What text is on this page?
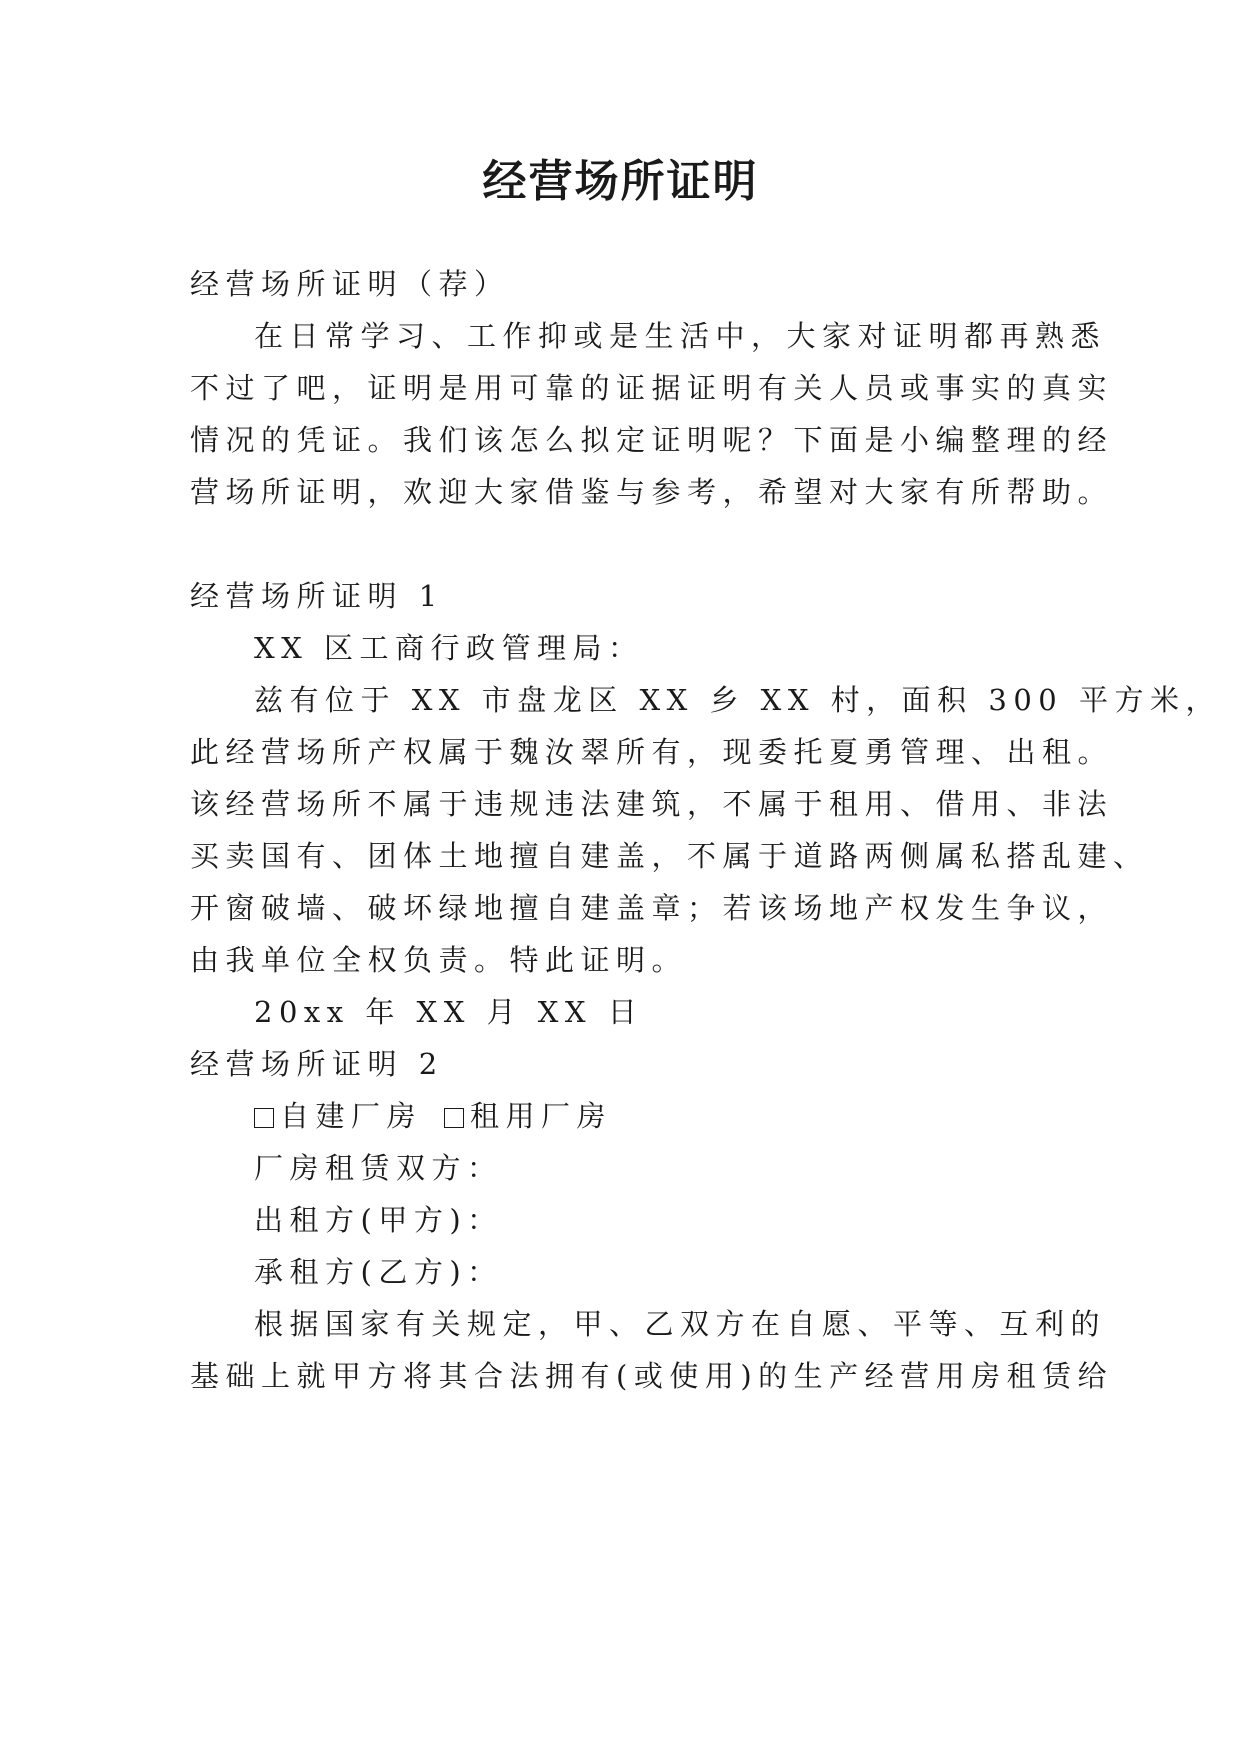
经营场所证明
经营场所证明（荐）
在日常学习、工作抑或是生活中，大家对证明都再熟悉
不过了吧，证明是用可靠的证据证明有关人员或事实的真实
情况的凭证。我们该怎么拟定证明呢？下面是小编整理的经
营场所证明，欢迎大家借鉴与参考，希望对大家有所帮助。
经营场所证明 1
XX 区工商行政管理局：
兹有位于 XX 市盘龙区 XX 乡 XX 村，面积 300 平方米，
此经营场所产权属于魏汝翠所有，现委托夏勇管理、出租。
该经营场所不属于违规违法建筑，不属于租用、借用、非法
买卖国有、团体土地擅自建盖，不属于道路两侧属私搭乱建、
开窗破墙、破坏绿地擅自建盖章；若该场地产权发生争议，
由我单位全权负责。特此证明。
20xx 年 XX 月 XX 日
经营场所证明 2
自建厂房 租用厂房
厂房租赁双方：
出租方(甲方)：
承租方(乙方)：
根据国家有关规定，甲、乙双方在自愿、平等、互利的
基础上就甲方将其合法拥有(或使用)的生产经营用房租赁给
